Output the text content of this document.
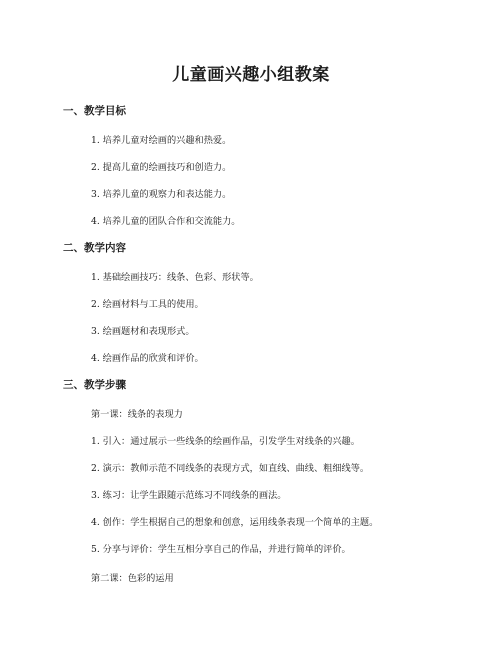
儿童画兴趣小组教案
一、教学目标

1. 培养儿童对绘画的兴趣和热爱。

2. 提高儿童的绘画技巧和创造力。

3. 培养儿童的观察力和表达能力。

4. 培养儿童的团队合作和交流能力。

二、教学内容

1. 基础绘画技巧：线条、色彩、形状等。

2. 绘画材料与工具的使用。

3. 绘画题材和表现形式。

4. 绘画作品的欣赏和评价。

三、教学步骤

第一课：线条的表现力

1. 引入：通过展示一些线条的绘画作品，引发学生对线条的兴趣。

2. 演示：教师示范不同线条的表现方式，如直线、曲线、粗细线等。

3. 练习：让学生跟随示范练习不同线条的画法。

4. 创作：学生根据自己的想象和创意，运用线条表现一个简单的主题。

5. 分享与评价：学生互相分享自己的作品，并进行简单的评价。

第二课：色彩的运用
